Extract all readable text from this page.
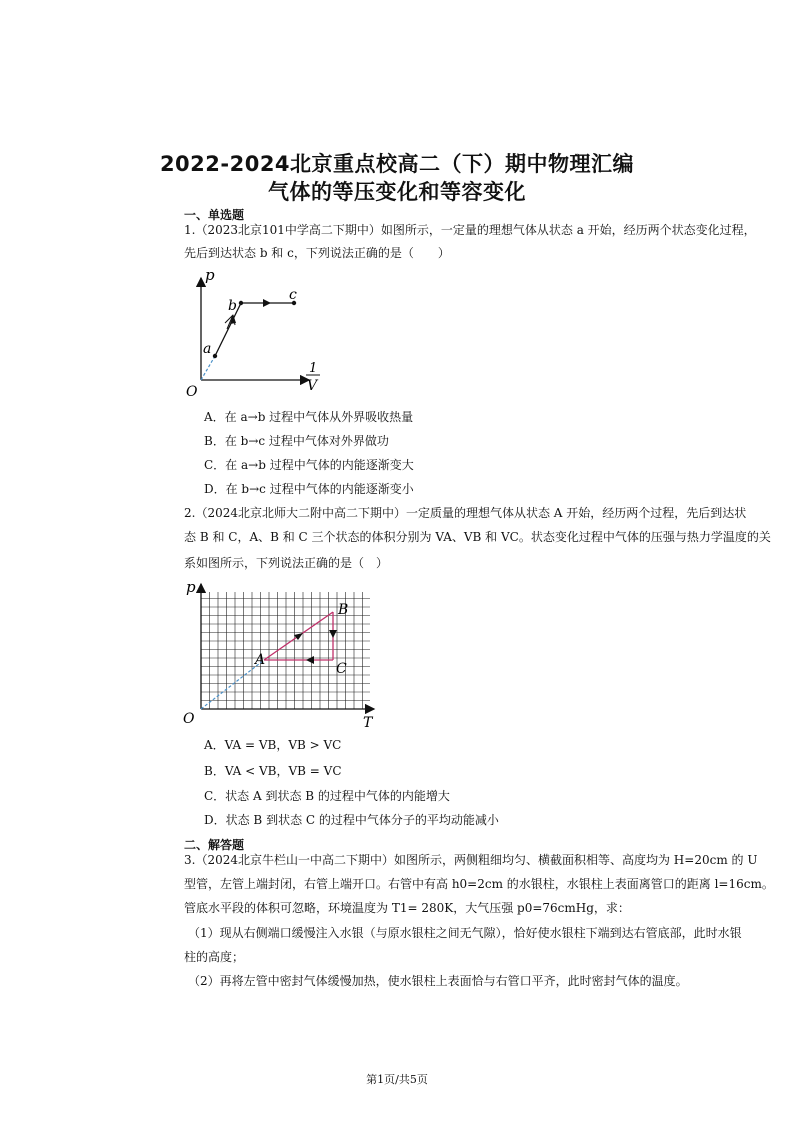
2022-2024北京重点校高二（下）期中物理汇编
气体的等压变化和等容变化
一、单选题
1.（2023北京101中学高二下期中）如图所示，一定量的理想气体从状态 a 开始，经历两个状态变化过程，
先后到达状态 b 和 c，下列说法正确的是（　　）
p
a
b
c
O
1
V
A．在 a→b 过程中气体从外界吸收热量
B．在 b→c 过程中气体对外界做功
C．在 a→b 过程中气体的内能逐渐变大
D．在 b→c 过程中气体的内能逐渐变小
2.（2024北京北师大二附中高二下期中）一定质量的理想气体从状态 A 开始，经历两个过程，先后到达状
态 B 和 C，A、B 和 C 三个状态的体积分别为 VA、VB 和 VC。状态变化过程中气体的压强与热力学温度的关
系如图所示，下列说法正确的是（　）
p
A
B
C
O	T
A．VA = VB，VB > VC
B．VA < VB，VB = VC
C．状态 A 到状态 B 的过程中气体的内能增大
D．状态 B 到状态 C 的过程中气体分子的平均动能减小
二、解答题
3.（2024北京牛栏山一中高二下期中）如图所示，两侧粗细均匀、横截面积相等、高度均为 H=20cm 的 U
型管，左管上端封闭，右管上端开口。右管中有高 h0=2cm 的水银柱，水银柱上表面离管口的距离 l=16cm。
管底水平段的体积可忽略，环境温度为 T1= 280K，大气压强 p0=76cmHg，求：
（1）现从右侧端口缓慢注入水银（与原水银柱之间无气隙），恰好使水银柱下端到达右管底部，此时水银
柱的高度；
（2）再将左管中密封气体缓慢加热，使水银柱上表面恰与右管口平齐，此时密封气体的温度。
第1页/共5页
